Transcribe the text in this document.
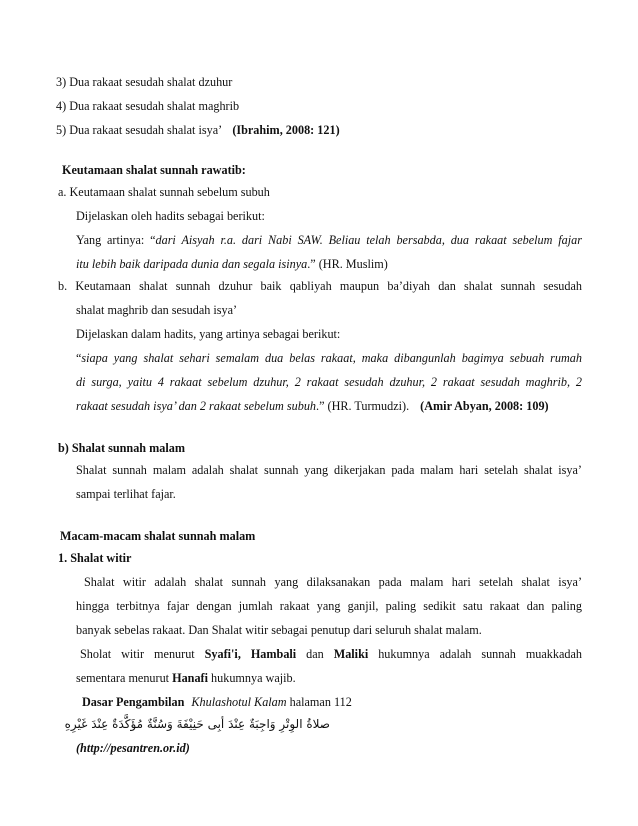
3) Dua rakaat sesudah shalat dzuhur
4) Dua rakaat sesudah shalat maghrib
5) Dua rakaat sesudah shalat isya’ (Ibrahim, 2008: 121)
Keutamaan shalat sunnah rawatib:
a. Keutamaan shalat sunnah sebelum subuh
Dijelaskan oleh hadits sebagai berikut:
Yang artinya: “dari Aisyah r.a. dari Nabi SAW. Beliau telah bersabda, dua rakaat sebelum fajar
itu lebih baik daripada dunia dan segala isinya.” (HR. Muslim)
b. Keutamaan shalat sunnah dzuhur baik qabliyah maupun ba’diyah dan shalat sunnah sesudah
shalat maghrib dan sesudah isya’
Dijelaskan dalam hadits, yang artinya sebagai berikut:
“siapa yang shalat sehari semalam dua belas rakaat, maka dibangunlah bagimya sebuah rumah
di surga, yaitu 4 rakaat sebelum dzuhur, 2 rakaat sesudah dzuhur, 2 rakaat sesudah maghrib, 2
rakaat sesudah isya’ dan 2 rakaat sebelum subuh.” (HR. Turmudzi). (Amir Abyan, 2008: 109)
b) Shalat sunnah malam
Shalat sunnah malam adalah shalat sunnah yang dikerjakan pada malam hari setelah shalat isya’
sampai terlihat fajar.
Macam-macam shalat sunnah malam
1. Shalat witir
Shalat witir adalah shalat sunnah yang dilaksanakan pada malam hari setelah shalat isya’
hingga terbitnya fajar dengan jumlah rakaat yang ganjil, paling sedikit satu rakaat dan paling
banyak sebelas rakaat. Dan Shalat witir sebagai penutup dari seluruh shalat malam.
Sholat witir menurut Syafi'i, Hambali dan Maliki hukumnya adalah sunnah muakkadah
sementara menurut Hanafi hukumnya wajib.
Dasar Pengambilan Khulashotul Kalam halaman 112
صلاةُ الوِتْرِ وَاجِبَةٌ عِنْدَ أبِى حَنِيْفَةَ وَسُنَّةٌ مُؤَكَّدَةٌ عِنْدَ غَيْرِهِ
(http://pesantren.or.id)
